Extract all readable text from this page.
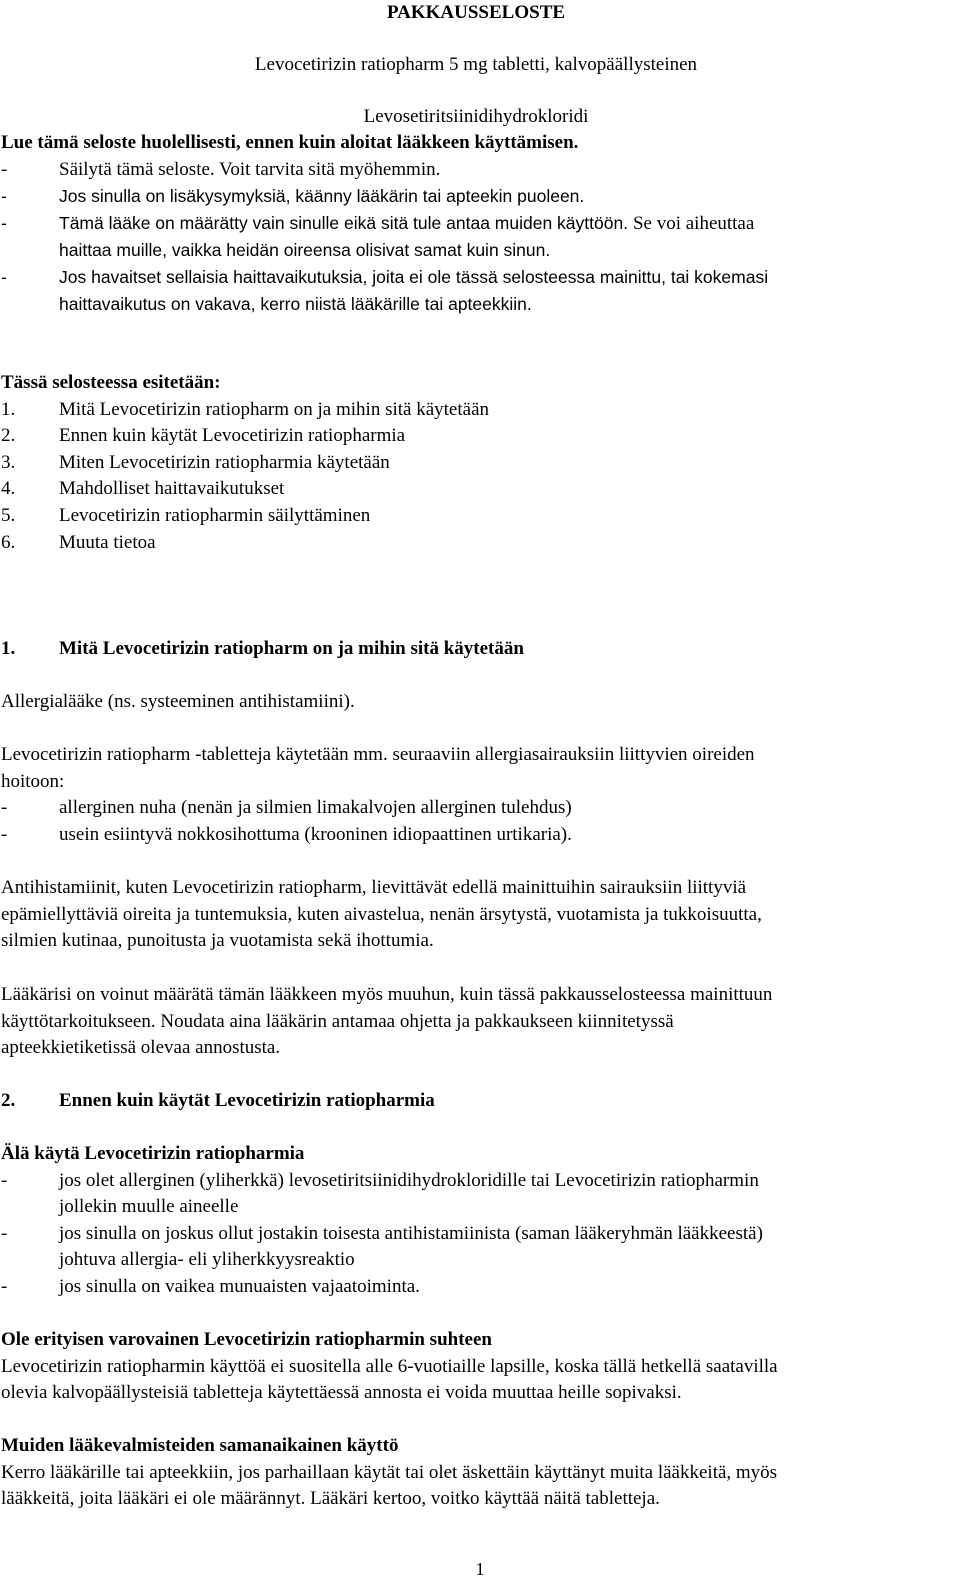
PAKKAUSSELOSTE

Levocetirizin ratiopharm 5 mg tabletti, kalvopäällysteinen

Levosetiritsiinidihydrokloridi

Lue tämä seloste huolellisesti, ennen kuin aloitat lääkkeen käyttämisen.

-	Säilytä tämä seloste. Voit tarvita sitä myöhemmin.
-	Jos sinulla on lisäkysymyksiä, käänny lääkärin tai apteekin puoleen.
-	Tämä lääke on määrätty vain sinulle eikä sitä tule antaa muiden käyttöön. Se voi aiheuttaa
haittaa muille, vaikka heidän oireensa olisivat samat kuin sinun.
-	Jos havaitset sellaisia haittavaikutuksia, joita ei ole tässä selosteessa mainittu, tai kokemasi
haittavaikutus on vakava, kerro niistä lääkärille tai apteekkiin.

Tässä selosteessa esitetään:

1.	Mitä Levocetirizin ratiopharm on ja mihin sitä käytetään
2.	Ennen kuin käytät Levocetirizin ratiopharmia
3.	Miten Levocetirizin ratiopharmia käytetään
4.	Mahdolliset haittavaikutukset
5.	Levocetirizin ratiopharmin säilyttäminen
6.	Muuta tietoa
1.	Mitä Levocetirizin ratiopharm on ja mihin sitä käytetään

Allergialääke (ns. systeeminen antihistamiini).

Levocetirizin ratiopharm -tabletteja käytetään mm. seuraaviin allergiasairauksiin liittyvien oireiden

hoitoon:

-	allerginen nuha (nenän ja silmien limakalvojen allerginen tulehdus)
-	usein esiintyvä nokkosihottuma (krooninen idiopaattinen urtikaria).

Antihistamiinit, kuten Levocetirizin ratiopharm, lievittävät edellä mainittuihin sairauksiin liittyviä

epämiellyttäviä oireita ja tuntemuksia, kuten aivastelua, nenän ärsytystä, vuotamista ja tukkoisuutta,

silmien kutinaa, punoitusta ja vuotamista sekä ihottumia.

Lääkärisi on voinut määrätä tämän lääkkeen myös muuhun, kuin tässä pakkausselosteessa mainittuun

käyttötarkoitukseen. Noudata aina lääkärin antamaa ohjetta ja pakkaukseen kiinnitetyssä

apteekkietiketissä olevaa annostusta.

2.	Ennen kuin käytät Levocetirizin ratiopharmia

Älä käytä Levocetirizin ratiopharmia

-	jos olet allerginen (yliherkkä) levosetiritsiinidihydrokloridille tai Levocetirizin ratiopharmin
jollekin muulle aineelle
-	jos sinulla on joskus ollut jostakin toisesta antihistamiinista (saman lääkeryhmän lääkkeestä)
johtuva allergia- eli yliherkkyysreaktio
-	jos sinulla on vaikea munuaisten vajaatoiminta.

Ole erityisen varovainen Levocetirizin ratiopharmin suhteen

Levocetirizin ratiopharmin käyttöä ei suositella alle 6-vuotiaille lapsille, koska tällä hetkellä saatavilla

olevia kalvopäällysteisiä tabletteja käytettäessä annosta ei voida muuttaa heille sopivaksi.

Muiden lääkevalmisteiden samanaikainen käyttö

Kerro lääkärille tai apteekkiin, jos parhaillaan käytät tai olet äskettäin käyttänyt muita lääkkeitä, myös

lääkkeitä, joita lääkäri ei ole määrännyt. Lääkäri kertoo, voitko käyttää näitä tabletteja.

1
